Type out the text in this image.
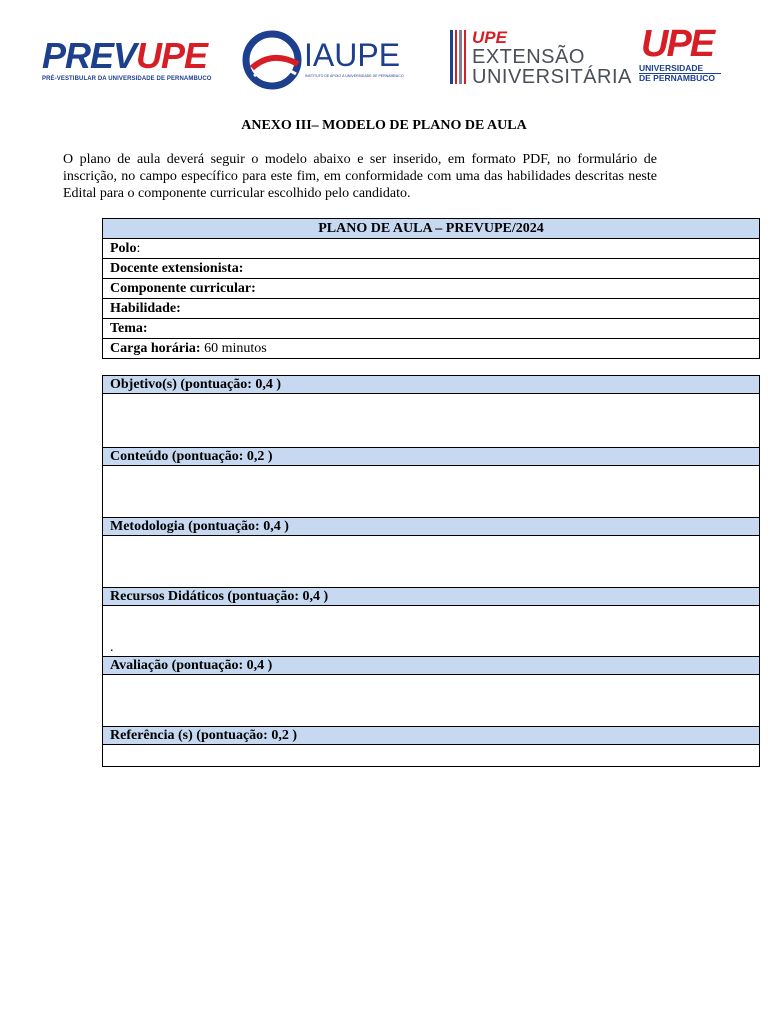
PREVUPE
PRÉ-VESTIBULAR DA UNIVERSIDADE DE PERNAMBUCO
IAUPE
INSTITUTO DE APOIO À UNIVERSIDADE DE PERNAMBUCO
UPE
EXTENSÃO
UNIVERSITÁRIA
UPE
UNIVERSIDADE
DE PERNAMBUCO
ANEXO III– MODELO DE PLANO DE AULA

O plano de aula deverá seguir o modelo abaixo e ser inserido, em formato PDF, no formulário de inscrição, no campo específico para este fim, em conformidade com uma das habilidades descritas neste Edital para o componente curricular escolhido pelo candidato.

PLANO DE AULA – PREVUPE/2024
Polo:
Docente extensionista:
Componente curricular:
Habilidade:
Tema:
Carga horária: 60 minutos
Objetivo(s) (pontuação: 0,4 )

Conteúdo (pontuação: 0,2 )

Metodologia (pontuação: 0,4 )

Recursos Didáticos (pontuação: 0,4 )
.
Avaliação (pontuação: 0,4 )

Referência (s) (pontuação: 0,2 )
